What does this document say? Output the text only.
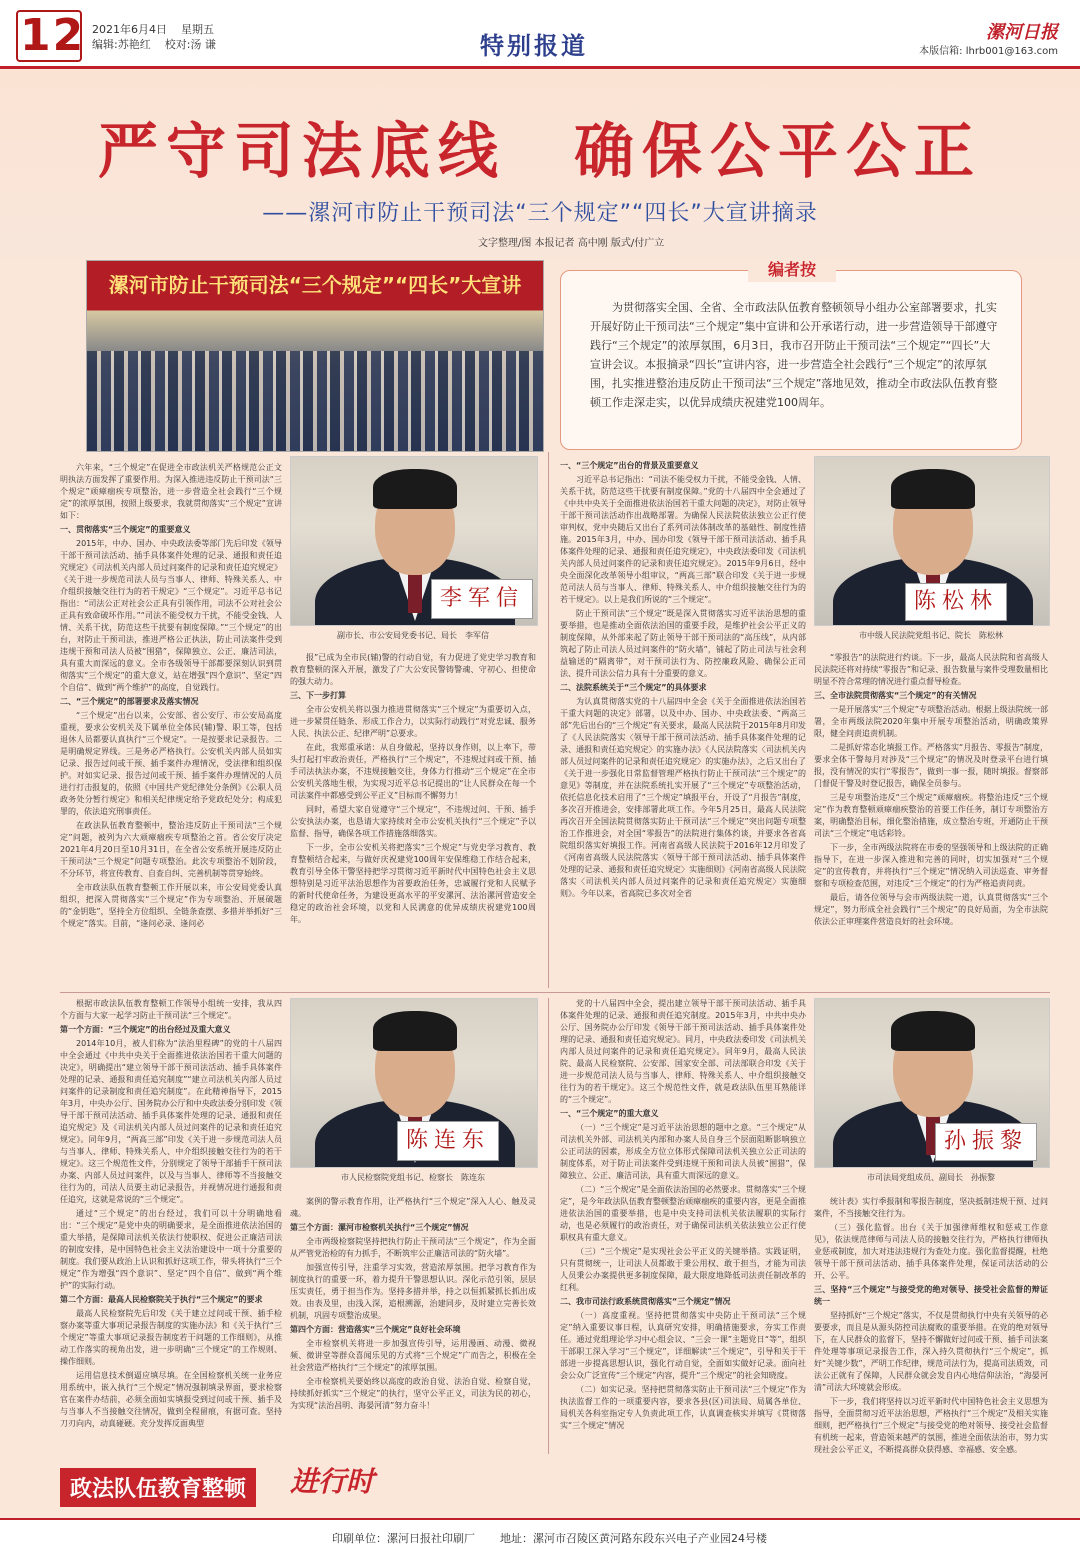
12 2021年6月4日 星期五
编辑:苏艳红 校对:汤 谦	特别报道	漯河日报
本版信箱: lhrb001@163.com
严守司法底线　确保公平公正
——漯河市防止干预司法“三个规定”“四长”大宣讲摘录
文字整理/图 本报记者 高中刚 版式/付广立
漯河市防止干预司法“三个规定”“四长”大宣讲
编者按
为贯彻落实全国、全省、全市政法队伍教育整顿领导小组办公室部署要求，扎实开展好防止干预司法“三个规定”集中宣讲和公开承诺行动，进一步营造领导干部遵守践行“三个规定”的浓厚氛围，6月3日，我市召开防止干预司法“三个规定”“四长”大宣讲会议。本报摘录“四长”宣讲内容，进一步营造全社会践行“三个规定”的浓厚氛围，扎实推进整治违反防止干预司法“三个规定”落地见效，推动全市政法队伍教育整顿工作走深走实，以优异成绩庆祝建党100周年。

六年来，“三个规定”在促进全市政法机关严格规范公正文明执法方面发挥了重要作用。为深入推进违反防止干预司法“三个规定”顽瘴痼疾专项整治，进一步营造全社会践行“三个规定”的浓厚氛围，按照上级要求，我就贯彻落实“三个规定”宣讲如下：

一、贯彻落实“三个规定”的重要意义

2015年，中办、国办、中央政法委等部门先后印发《领导干部干预司法活动、插手具体案件处理的记录、通报和责任追究规定》《司法机关内部人员过问案件的记录和责任追究规定》《关于进一步规范司法人员与当事人、律师、特殊关系人、中介组织接触交往行为的若干规定》“三个规定”。习近平总书记指出：“司法公正对社会公正具有引领作用，司法不公对社会公正具有致命破坏作用。”“司法不能受权力干扰，不能受金钱、人情、关系干扰，防范这些干扰要有制度保障。”“三个规定”的出台，对防止干预司法，推进严格公正执法，防止司法案件受到违规干预和司法人员被“围猎”，保障独立、公正、廉洁司法，具有重大而深远的意义。全市各级领导干部都要深刻认识到贯彻落实“三个规定”的重大意义，站在增强“四个意识”、坚定“四个自信”、做到“两个维护”的高度，自觉践行。

二、“三个规定”的部署要求及落实情况

“三个规定”出台以来，公安部、省公安厅、市公安局高度重视，要求公安机关及下属单位全体民(辅)警、职工等，包括退休人员都要认真执行“三个规定”。一是按要求记录报告。二是明确规定界线。三是务必严格执行。公安机关内部人员如实记录、报告过问或干预、插手案件办理情况，受法律和组织保护。对如实记录、报告过问或干预、插手案件办理情况的人员进行打击报复的，依照《中国共产党纪律处分条例》《公职人员政务处分暂行规定》和相关纪律规定给予党政纪处分；构成犯罪的，依法追究刑事责任。

在政法队伍教育整顿中，整治违反防止干预司法“三个规定”问题，被列为六大顽瘴痼疾专项整治之首。省公安厅决定2021年4月20日至10月31日，在全省公安系统开展违反防止干预司法“三个规定”问题专项整治。此次专项整治不划阶段，不分环节，将宣传教育、自查自纠、完善机制等贯穿始终。

全市政法队伍教育整顿工作开展以来，市公安局党委认真组织，把深入贯彻落实“三个规定”作为专项整治、开展破题的“金钥匙”，坚持全方位组织、全链条查摆、多措并举抓好“三个规定”落实。目前，“逢问必录、逢问必

报”已成为全市民(辅)警的行动自觉，有力促进了党史学习教育和教育整顿的深入开展，激发了广大公安民警铸警魂、守初心、担使命的强大动力。

三、下一步打算

全市公安机关将以强力推进贯彻落实“三个规定”为重要切入点，进一步紧贯任链条、形成工作合力，以实际行动践行“对党忠诚、服务人民、执法公正、纪律严明”总要求。

在此，我郑重承诺：从自身做起，坚持以身作则，以上率下，带头打起打牢政治责任，严格执行“三个规定”，不违规过问或干预、插手司法执法办案，不违规接触交往，身体力行推动“三个规定”在全市公安机关落地生根，为实现习近平总书记提出的“让人民群众在每一个司法案件中都感受到公平正义”目标而不懈努力！

同时，希望大家自觉遵守“三个规定”，不违规过问、干预、插手公安执法办案，也恳请大家持续对全市公安机关执行“三个规定”予以监督、指导，确保各项工作措施落细落实。

下一步，全市公安机关将把落实“三个规定”与党史学习教育、教育整顿结合起来，与做好庆祝建党100周年安保维稳工作结合起来，教育引导全体干警坚持把学习贯彻习近平新时代中国特色社会主义思想特别是习近平法治思想作为首要政治任务，忠诚履行党和人民赋予的新时代使命任务，为建设更高水平的平安漯河、法治漯河营造安全稳定的政治社会环境，以党和人民满意的优异成绩庆祝建党100周年。

一、“三个规定”出台的背景及重要意义

习近平总书记指出：“司法不能受权力干扰，不能受金钱、人情、关系干扰，防范这些干扰要有制度保障。”党的十八届四中全会通过了《中共中央关于全面推进依法治国若干重大问题的决定》，对防止领导干部干预司法活动作出战略部署。为确保人民法院依法独立公正行使审判权，党中央随后又出台了系列司法体制改革的基础性、制度性措施。2015年3月，中办、国办印发《领导干部干预司法活动、插手具体案件处理的记录、通报和责任追究规定》，中央政法委印发《司法机关内部人员过问案件的记录和责任追究规定》。2015年9月6日，经中央全面深化改革领导小组审议，“两高三部”联合印发《关于进一步规范司法人员与当事人、律师、特殊关系人、中介组织接触交往行为的若干规定》。以上是我们所说的“三个规定”。

防止干预司法“三个规定”既是深入贯彻落实习近平法治思想的重要举措，也是推动全面依法治国的重要手段，是维护社会公平正义的制度保障，从外部来起了防止领导干部干预司法的“高压线”，从内部筑起了防止司法人员过问案件的“防火墙”，铺起了防止司法与社会利益输送的“隔离带”，对干预司法行为、防控廉政风险、确保公正司法、提升司法公信力具有十分重要的意义。

二、法院系统关于“三个规定”的具体要求

为认真贯彻落实党的十八届四中全会《关于全面推进依法治国若干重大问题的决定》部署，以及中办、国办、中央政法委、“两高三部”先后出台的“三个规定”有关要求，最高人民法院于2015年8月印发了《人民法院落实〈领导干部干预司法活动、插手具体案件处理的记录、通报和责任追究规定〉的实施办法》《人民法院落实〈司法机关内部人员过问案件的记录和责任追究规定〉的实施办法》，之后又出台了《关于进一步强化日常监督管理严格执行防止干预司法“三个规定”的意见》等制度，并在法院系统扎实开展了“三个规定”专项整治活动，依托信息化技术启用了“三个规定”填报平台，开设了“月报告”制度，多次召开推进会，安排部署此项工作。今年5月25日，最高人民法院再次召开全国法院贯彻落实防止干预司法“三个规定”突出问题专项整治工作推进会，对全国“零报告”的法院进行集体约谈，并要求各省高院组织落实好填报工作。河南省高级人民法院于2016年12月印发了《河南省高级人民法院落实〈领导干部干预司法活动、插手具体案件处理的记录、通报和责任追究规定〉实施细则》《河南省高级人民法院落实〈司法机关内部人员过问案件的记录和责任追究规定〉实施细则》。今年以来，省高院已多次对全省

“零报告”的法院进行约谈。下一步，最高人民法院和省高级人民法院还将对持续“零报告”和记录、报告数量与案件受理数量相比明显不符合常理的情况进行重点督导检查。

三、全市法院贯彻落实“三个规定”的有关情况

一是开展落实“三个规定”专项整治活动。根据上级法院统一部署，全市两级法院2020年集中开展专项整治活动，明确政策界限，健全问责追责机制。

二是抓好常态化填报工作。严格落实“月报告、零报告”制度，要求全体干警每月对涉及“三个规定”的情况及时登录平台进行填报，没有情况的实行“零报告”，做到一事一报，随时填报。督察部门督促干警及时登记报告，确保全员参与。

三是专项整治违反“三个规定”顽瘴痼疾。将整治违反“三个规定”作为教育整顿顽瘴痼疾整治的首要工作任务，制订专项整治方案，明确整治目标，细化整治措施，成立整治专班，开通防止干预司法“三个规定”电话彩铃。

下一步，全市两级法院将在市委的坚强领导和上级法院的正确指导下，在进一步深入推进和完善的同时，切实加强对“三个规定”的宣传教育，并将执行“三个规定”情况纳入司法巡查、审务督察和专项检查范围，对违反“三个规定”的行为严格追责问责。

最后，请各位领导与会市两级法院一道，认真贯彻落实“三个规定”，努力形成全社会践行“三个规定”的良好局面，为全市法院依法公正审理案件营造良好的社会环境。

李军信
副市长、市公安局党委书记、局长　李军信
陈松林
市中级人民法院党组书记、院长　陈松林

根据市政法队伍教育整顿工作领导小组统一安排，我从四个方面与大家一起学习防止干预司法“三个规定”。

第一个方面：“三个规定”的出台经过及重大意义

2014年10月，被人们称为“法治里程碑”的党的十八届四中全会通过《中共中央关于全面推进依法治国若干重大问题的决定》，明确提出“建立领导干部干预司法活动、插手具体案件处理的记录、通报和责任追究制度”“建立司法机关内部人员过问案件的记录制度和责任追究制度”。在此精神指导下，2015年3月，中央办公厅、国务院办公厅和中央政法委分别印发《领导干部干预司法活动、插手具体案件处理的记录、通报和责任追究规定》及《司法机关内部人员过问案件的记录和责任追究规定》。同年9月，“两高三部”印发《关于进一步规范司法人员与当事人、律师、特殊关系人、中介组织接触交往行为的若干规定》。这三个规范性文件，分别规定了领导干部插手干预司法办案、内部人员过问案件，以及与当事人、律师等不当接触交往行为的，司法人员要主动记录报告，并视情况进行通报和责任追究，这就是常说的“三个规定”。

通过“三个规定”的出台经过，我们可以十分明确地看出：“三个规定”是党中央的明确要求，是全面推进依法治国的重大举措，是保障司法机关依法行使职权、促进公正廉洁司法的制度安排，是中国特色社会主义法治建设中一项十分重要的制度。我们要从政治上认识和抓好这项工作，带头将执行“三个规定”作为增强“四个意识”、坚定“四个自信”、做到“两个维护”的实际行动。

第二个方面：最高人民检察院关于执行“三个规定”的要求

最高人民检察院先后印发《关于建立过问或干预、插手检察办案等重大事项记录报告制度的实施办法》和《关于执行“三个规定”等重大事项记录报告制度若干问题的工作细则》，从推动工作落实的视角出发，进一步明确“三个规定”的工作规则、操作细则。

运用信息技术倒逼应填尽填。在全国检察机关统一业务应用系统中，嵌入执行“三个规定”情况强制填录界面，要求检察官在案件办结前，必须全面如实填报受到过问或干预、插手及与当事人不当接触交往情况，做到全程留痕，有据可查。坚持刀刃向内，动真碰硬。充分发挥反面典型

案例的警示教育作用，让严格执行“三个规定”深入人心、触及灵魂。

第三个方面：漯河市检察机关执行“三个规定”情况

全市两级检察院坚持把执行防止干预司法“三个规定”，作为全面从严管党治检的有力抓手，不断筑牢公正廉洁司法的“防火墙”。

加强宣传引导，注重学习实效，营造浓厚氛围。把学习教育作为制度执行的重要一环，着力提升干警思想认识。深化示范引领，层层压实责任，勇于担当作为。坚持多措并举，持之以恒抓紧抓长抓出成效。由表及里，由浅入深，追根溯源，治建同步，及时建立完善长效机制，巩固专项整治成果。

第四个方面：营造落实“三个规定”良好社会环境

全市检察机关将进一步加强宣传引导，运用漫画、动漫、微视频、微讲堂等群众喜闻乐见的方式将“三个规定”广而告之，积极在全社会营造严格执行“三个规定”的浓厚氛围。

全市检察机关要始终以高度的政治自觉、法治自觉、检察自觉，持续抓好抓实“三个规定”的执行，坚守公平正义，司法为民的初心，为实现“法治昌明、海晏河清”努力奋斗！

党的十八届四中全会，提出建立领导干部干预司法活动、插手具体案件处理的记录、通报和责任追究制度。2015年3月，中共中央办公厅、国务院办公厅印发《领导干部干预司法活动、插手具体案件处理的记录、通报和责任追究规定》。同月，中央政法委印发《司法机关内部人员过问案件的记录和责任追究规定》。同年9月，最高人民法院、最高人民检察院、公安部、国家安全部、司法部联合印发《关于进一步规范司法人员与当事人、律师、特殊关系人、中介组织接触交往行为的若干规定》。这三个规范性文件，就是政法队伍里耳熟能详的“三个规定”。

一、“三个规定”的重大意义

（一）“三个规定”是习近平法治思想的题中之意。“三个规定”从司法机关外部、司法机关内部和办案人员自身三个层面阻断影响独立公正司法的因素，形成全方位立体形式保障司法机关独立公正司法的制度体系，对于防止司法案件受到违规干预和司法人员被“围猎”，保障独立、公正、廉洁司法，具有重大而深远的意义。

（二）“三个规定”是全面依法治国的必然要求。贯彻落实“三个规定”，是今年政法队伍教育整顿整治顽瘴痼疾的重要内容，更是全面推进依法治国的重要举措，也是中央支持司法机关依法履职的实际行动，也是必须履行的政治责任，对于确保司法机关依法独立公正行使职权具有重大意义。

（三）“三个规定”是实现社会公平正义的关键举措。实践证明，只有贯彻统一，让司法人员都敢于秉公用权、敢于担当，才能为司法人员秉公办案提供更多制度保障，最大限度地降低司法责任制改革的红利。

二、我市司法行政系统贯彻落实“三个规定”情况

（一）高度重视。坚持把贯彻落实中央防止干预司法“三个规定”纳入重要议事日程，认真研究安排，明确措施要求，夯实工作责任。通过党组理论学习中心组会议、“三会一课”主题党日“等”，组织干部职工深入学习“三个规定”，详细解读“三个规定”，引导和关于干部进一步提高思想认识，强化行动自觉，全面如实做好记录。面向社会公众广泛宣传“三个规定”内容，提升“三个规定”的社会知晓度。

（二）如实记录。坚持把贯彻落实防止干预司法“三个规定”作为执法监督工作的一项重要内容，要求各县(区)司法局、局属各单位、局机关各科室指定专人负责此项工作，认真调查核实并填写《贯彻落实“三个规定”情况

统计表》实行季报制和零报告制度，坚决抵制违规干预、过问案件，不当接触交往行为。

（三）强化监督。出台《关于加强律师维权和惩戒工作意见》，依法规范律师与司法人员的接触交往行为，严格执行律师执业惩戒制度，加大对违法违规行为查处力度。强化监督提醒，杜绝领导干部干预司法活动、插手具体案件处理，保证司法活动的公开、公平。

三、坚持“三个规定”与接受党的绝对领导、接受社会监督的辩证统一

坚持抓好“三个规定”落实，不仅是贯彻执行中央有关领导的必要要求，而且是从源头防控司法腐败的重要举措。在党的绝对领导下，在人民群众的监督下，坚持不懈做好过问或干预、插手司法案件处理等事项记录报告工作，深入持久贯彻执行“三个规定”，抓好“关键少数”，严明工作纪律，规范司法行为，提高司法质效，司法公正就有了保障，人民群众就会发自内心地信仰法治，“海晏河清”司法大环境就会形成。

下一步，我们将坚持以习近平新时代中国特色社会主义思想为指导，全面贯彻习近平法治思想，严格执行“三个规定”及相关实施细则，把严格执行“三个规定”与接受党的绝对领导、接受社会监督有机统一起来，营造领来越严的氛围，推进全面依法治市，努力实现社会公平正义，不断提高群众获得感、幸福感、安全感。

陈连东
市人民检察院党组书记、检察长　陈连东
孙振黎
市司法局党组成员、副局长　孙振黎
政法队伍教育整顿	进行时
印刷单位：漯河日报社印刷厂 地址：漯河市召陵区黄河路东段东兴电子产业园24号楼
